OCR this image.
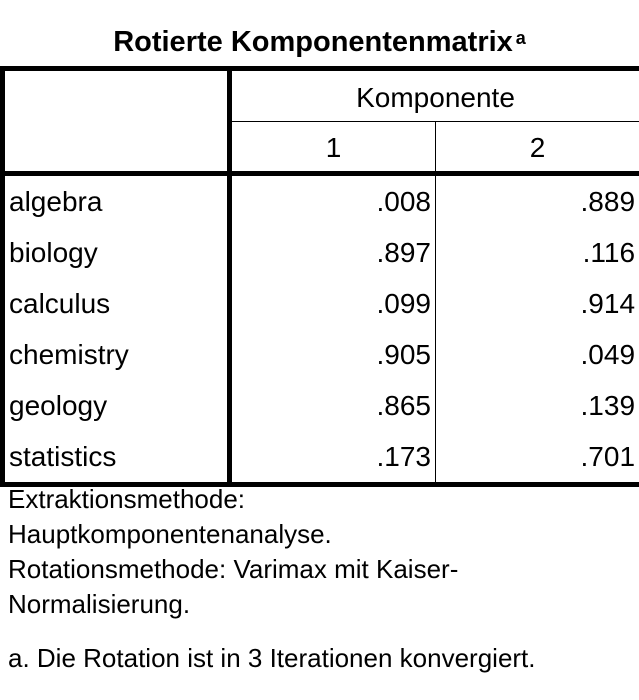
Rotierte Komponentenmatrix $^a$
	Komponente	
	1	2
algebra	.008	.889
biology	.897	.116
calculus	.099	.914
chemistry	.905	.049
geology	.865	.139
statistics	.173	.701
Extraktionsmethode:
Hauptkomponentenanalyse.
Rotationsmethode: Varimax mit Kaiser-
Normalisierung.
a. Die Rotation ist in 3 Iterationen konvergiert.
